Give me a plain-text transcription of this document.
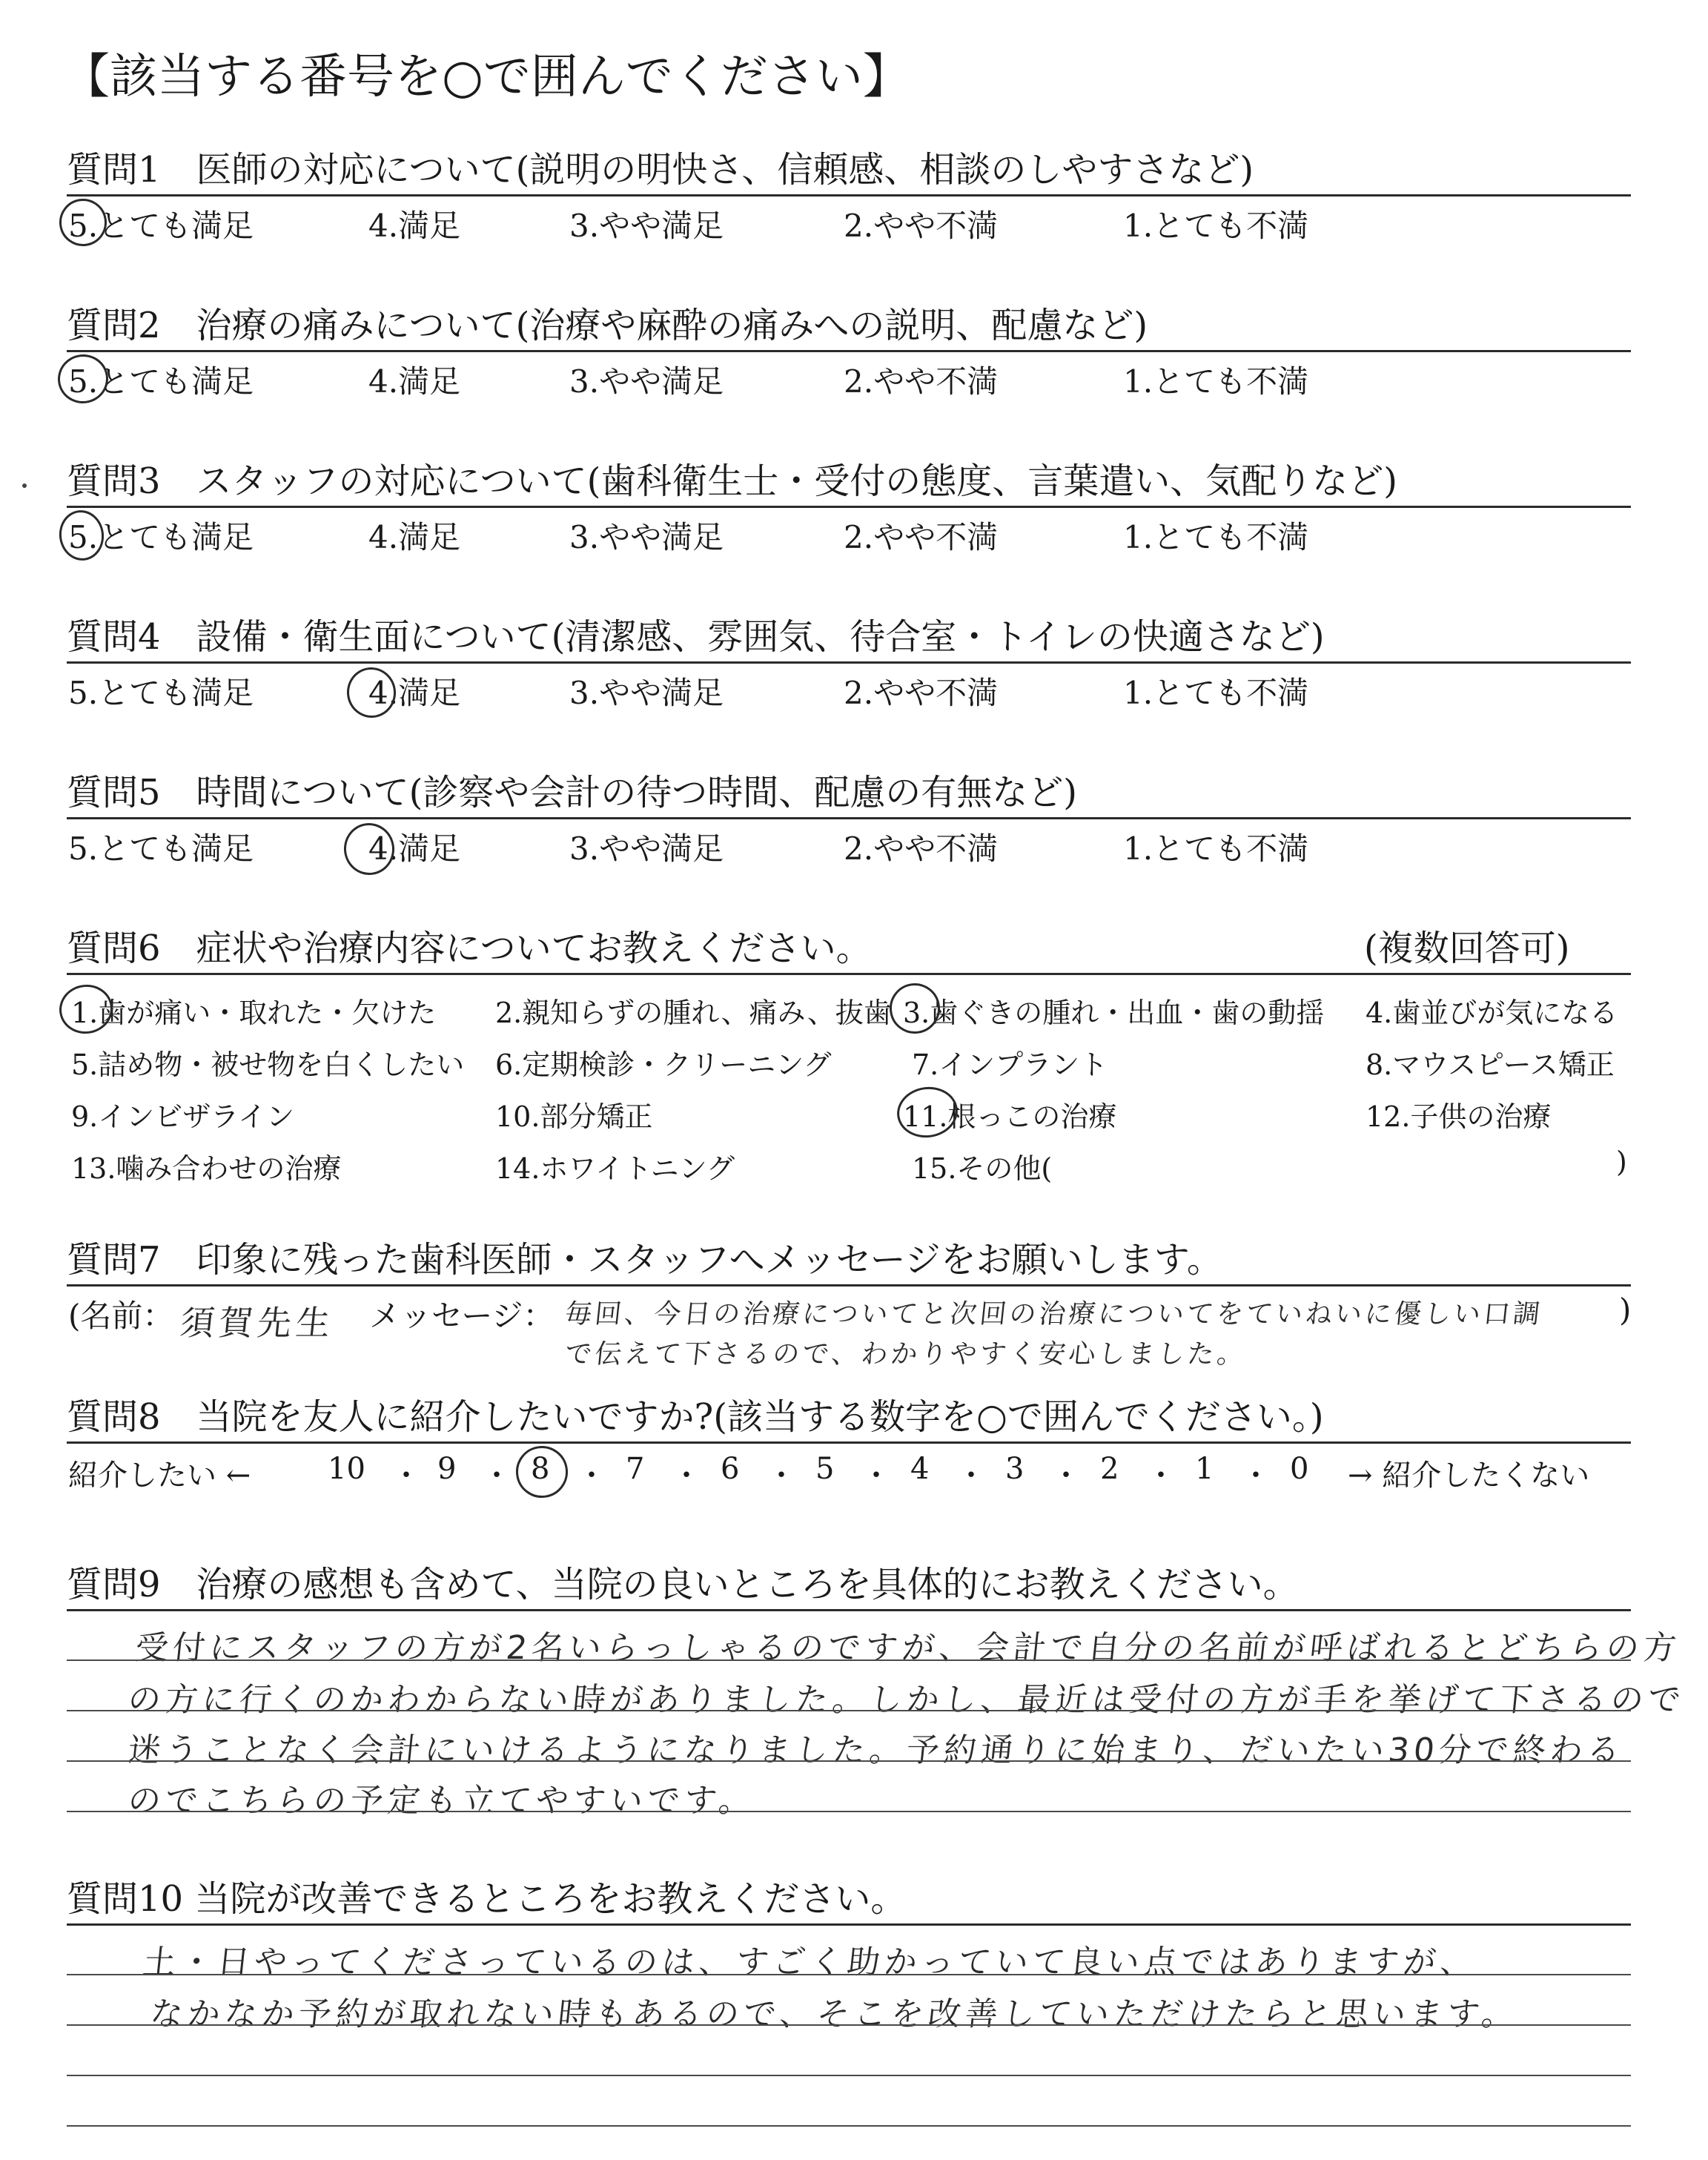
【該当する番号を○で囲んでください】
質問1　医師の対応について(説明の明快さ、信頼感、相談のしやすさなど)
5.とても満足	4.満足	3.やや満足	2.やや不満	1.とても不満
質問2　治療の痛みについて(治療や麻酔の痛みへの説明、配慮など)
5.とても満足	4.満足	3.やや満足	2.やや不満	1.とても不満
質問3　スタッフの対応について(歯科衛生士・受付の態度、言葉遣い、気配りなど)
5.とても満足	4.満足	3.やや満足	2.やや不満	1.とても不満
質問4　設備・衛生面について(清潔感、雰囲気、待合室・トイレの快適さなど)
5.とても満足	4.満足	3.やや満足	2.やや不満	1.とても不満
質問5　時間について(診察や会計の待つ時間、配慮の有無など)
5.とても満足	4.満足	3.やや満足	2.やや不満	1.とても不満
質問6　症状や治療内容についてお教えください。	(複数回答可)
1.歯が痛い・取れた・欠けた 2.親知らずの腫れ、痛み、抜歯 3.歯ぐきの腫れ・出血・歯の動揺 4.歯並びが気になる
5.詰め物・被せ物を白くしたい 6.定期検診・クリーニング	7.インプラント	8.マウスピース矯正
9.インビザライン	10.部分矯正	11.根っこの治療	12.子供の治療
13.噛み合わせの治療	14.ホワイトニング	15.その他(	)
質問7　印象に残った歯科医師・スタッフへメッセージをお願いします。
(名前： 須賀先生 メッセージ： 毎回、今日の治療についてと次回の治療についてをていねいに優しい口調 )
で伝えて下さるので、わかりやすく安心しました。
質問8　当院を友人に紹介したいですか?(該当する数字を○で囲んでください。)
紹介したい ←	10 9	8	7	6	5	4	3	2	1	0
・ ・ ・ ・ ・ ・ ・ ・ ・ ・	→ 紹介したくない
質問9　治療の感想も含めて、当院の良いところを具体的にお教えください。
受付にスタッフの方が2名いらっしゃるのですが、会計で自分の名前が呼ばれるとどちらの方
の方に行くのかわからない時がありました。しかし、最近は受付の方が手を挙げて下さるので
迷うことなく会計にいけるようになりました。予約通りに始まり、だいたい30分で終わる
のでこちらの予定も立てやすいです。
質問10 当院が改善できるところをお教えください。
土・日やってくださっているのは、すごく助かっていて良い点ではありますが、
なかなか予約が取れない時もあるので、そこを改善していただけたらと思います。
